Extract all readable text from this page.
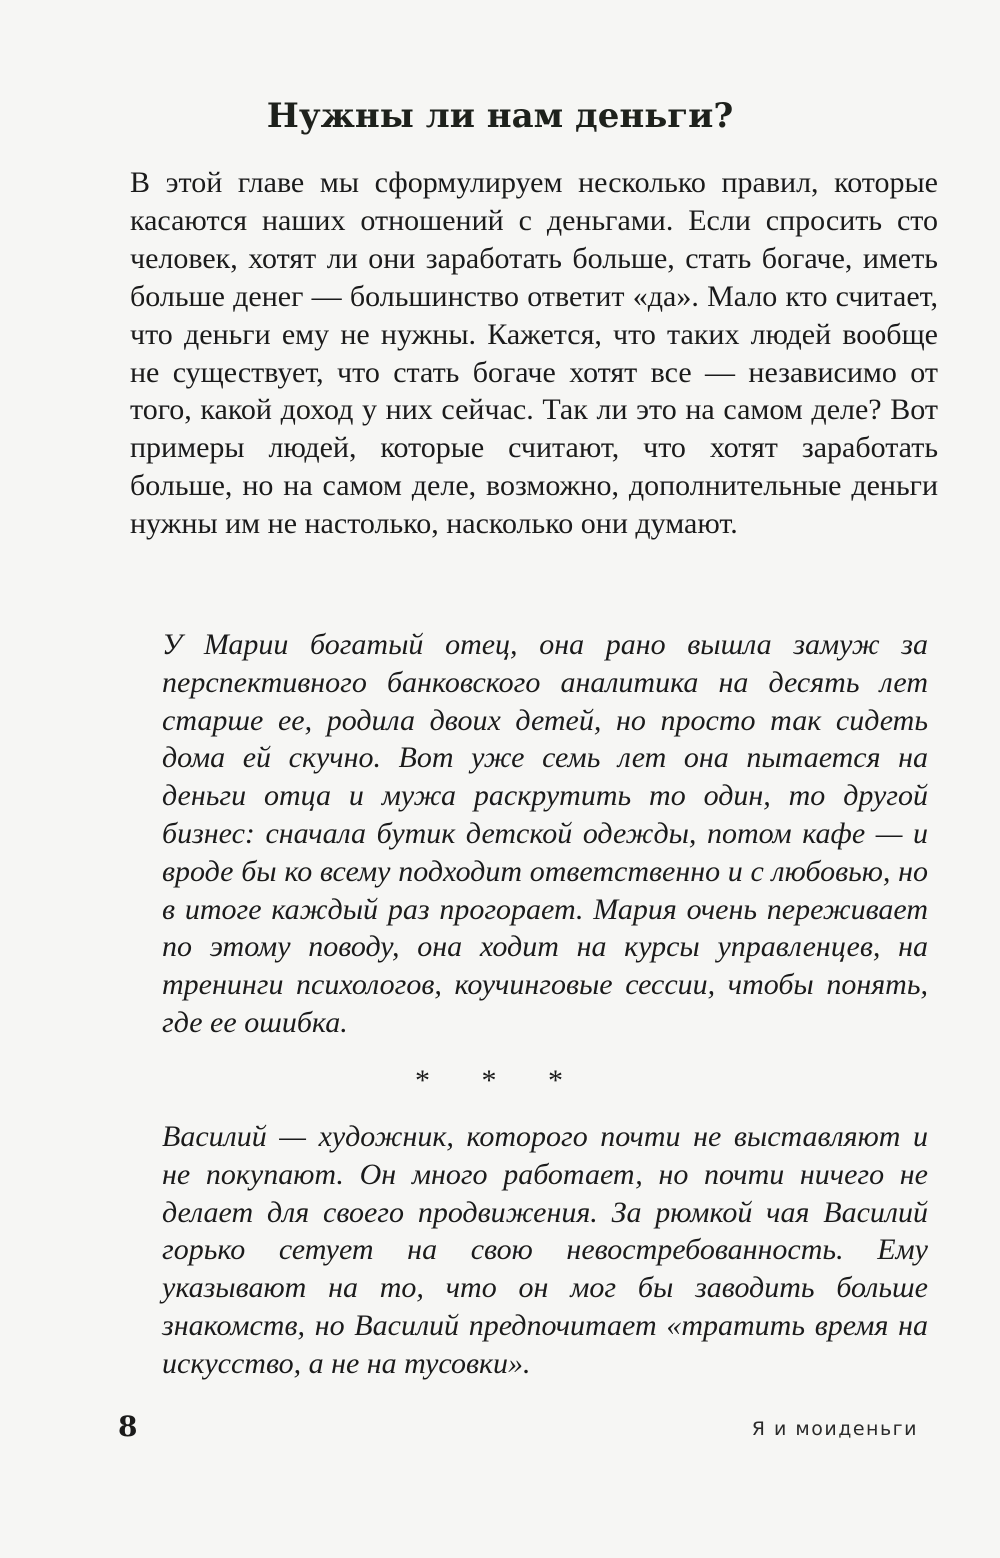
Нужны ли нам деньги?

В этой главе мы сформулируем несколько правил, которые касаются наших отношений с деньгами. Если спросить сто человек, хотят ли они заработать больше, стать богаче, иметь больше денег — большинство ответит «да». Мало кто считает, что деньги ему не нужны. Кажется, что таких людей вообще не существует, что стать богаче хотят все — независимо от того, какой доход у них сейчас. Так ли это на самом деле? Вот примеры людей, которые считают, что хотят заработать больше, но на самом деле, возможно, дополнительные деньги нужны им не настолько, насколько они думают.

У Марии богатый отец, она рано вышла замуж за перспективного банковского аналитика на десять лет старше ее, родила двоих детей, но просто так сидеть дома ей скучно. Вот уже семь лет она пытается на деньги отца и мужа раскрутить то один, то другой бизнес: сначала бутик детской одежды, потом кафе — и вроде бы ко всему подходит ответственно и с любовью, но в итоге каждый раз прогорает. Мария очень переживает по этому поводу, она ходит на курсы управленцев, на тренинги психологов, коучинговые сессии, чтобы понять, где ее ошибка.

* * *

Василий — художник, которого почти не выставляют и не покупают. Он много работает, но почти ничего не делает для своего продвижения. За рюмкой чая Василий горько сетует на свою невостребованность. Ему указывают на то, что он мог бы заводить больше знакомств, но Василий предпочитает «тратить время на искусство, а не на тусовки».

8	Я и моиденьги
